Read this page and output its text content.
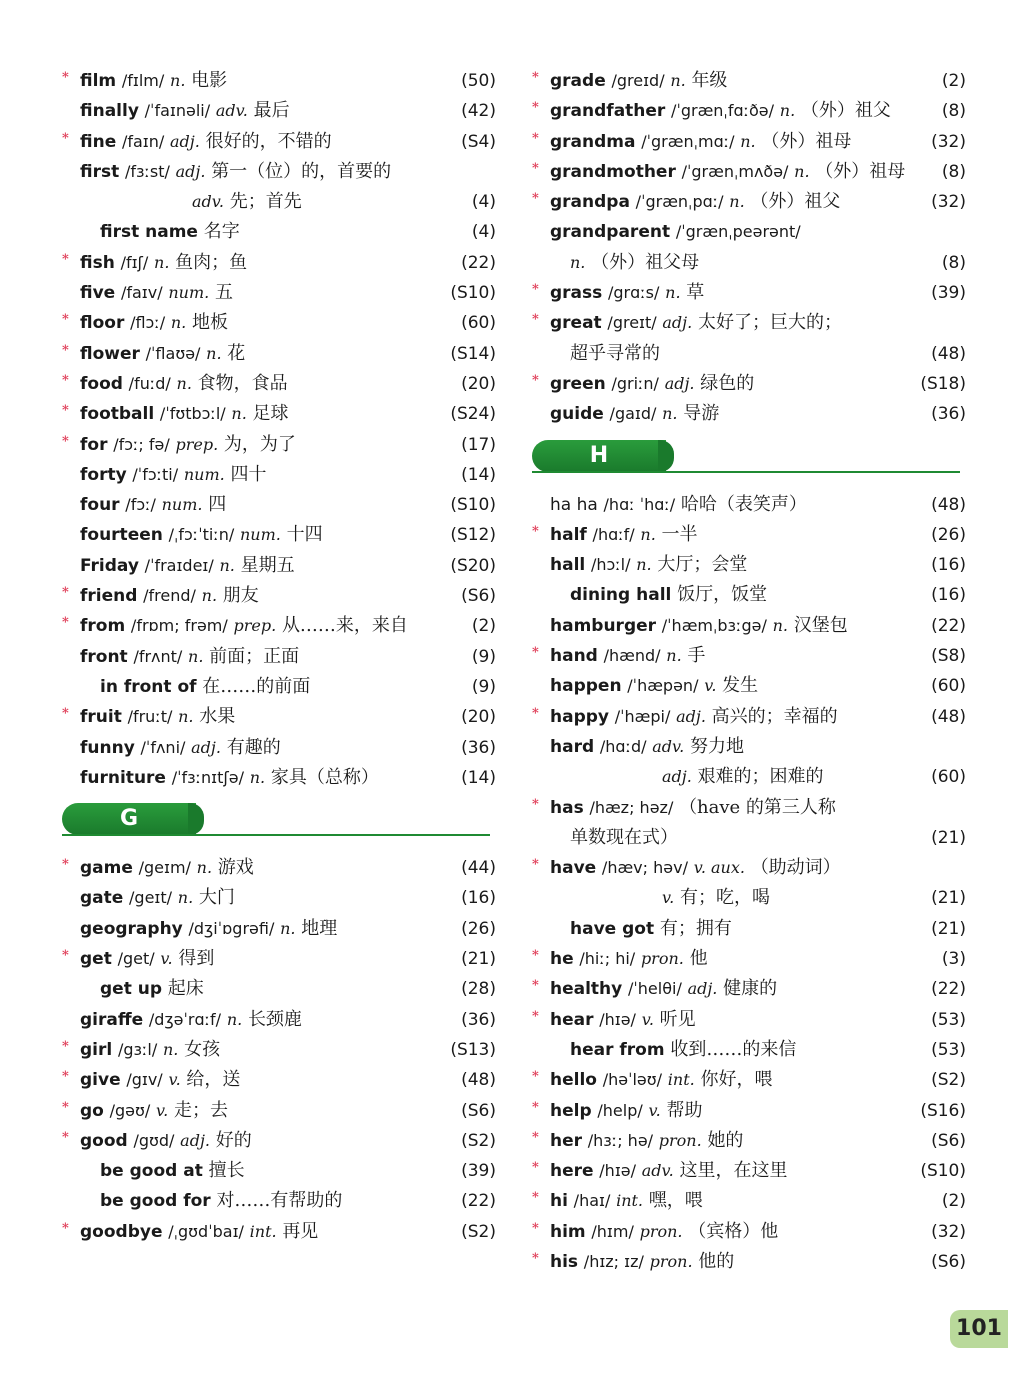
* film /fɪlm/ n. 电影	(50)
finally /ˈfaɪnəli/ adv. 最后	(42)
* fine /faɪn/ adj. 很好的，不错的	(S4)
first /fɜːst/ adj. 第一（位）的，首要的
adv. 先；首先	(4)
first name 名字	(4)
* fish /fɪʃ/ n. 鱼肉；鱼	(22)
five /faɪv/ num. 五	(S10)
* floor /flɔː/ n. 地板	(60)
* flower /ˈflaʊə/ n. 花	(S14)
* food /fuːd/ n. 食物，食品	(20)
* football /ˈfʊtbɔːl/ n. 足球	(S24)
* for /fɔː; fə/ prep. 为，为了	(17)
forty /ˈfɔːti/ num. 四十	(14)
four /fɔː/ num. 四	(S10)
fourteen /ˌfɔːˈtiːn/ num. 十四	(S12)
Friday /ˈfraɪdeɪ/ n. 星期五	(S20)
* friend /frend/ n. 朋友	(S6)
* from /frɒm; frəm/ prep. 从……来，来自	(2)
front /frʌnt/ n. 前面；正面	(9)
in front of 在……的前面	(9)
* fruit /fruːt/ n. 水果	(20)
funny /ˈfʌni/ adj. 有趣的	(36)
furniture /ˈfɜːnɪtʃə/ n. 家具（总称）	(14)
G
* game /geɪm/ n. 游戏	(44)
gate /geɪt/ n. 大门	(16)
geography /dʒiˈɒgrəfi/ n. 地理	(26)
* get /get/ v. 得到	(21)
get up 起床	(28)
giraffe /dʒəˈrɑːf/ n. 长颈鹿	(36)
* girl /gɜːl/ n. 女孩	(S13)
* give /gɪv/ v. 给，送	(48)
* go /gəʊ/ v. 走；去	(S6)
* good /gʊd/ adj. 好的	(S2)
be good at 擅长	(39)
be good for 对……有帮助的	(22)
* goodbye /ˌgʊdˈbaɪ/ int. 再见	(S2)
* grade /greɪd/ n. 年级	(2)
* grandfather /ˈgrænˌfɑːðə/ n. （外）祖父	(8)
* grandma /ˈgrænˌmɑː/ n. （外）祖母	(32)
* grandmother /ˈgrænˌmʌðə/ n. （外）祖母 (8)
* grandpa /ˈgrænˌpɑː/ n. （外）祖父	(32)
grandparent /ˈgrænˌpeərənt/
n. （外）祖父母	(8)
* grass /grɑːs/ n. 草	(39)
* great /greɪt/ adj. 太好了；巨大的；
超乎寻常的	(48)
* green /griːn/ adj. 绿色的	(S18)
guide /gaɪd/ n. 导游	(36)
H
ha ha /hɑː ˈhɑː/ 哈哈（表笑声）	(48)
* half /hɑːf/ n. 一半	(26)
hall /hɔːl/ n. 大厅；会堂	(16)
dining hall 饭厅，饭堂	(16)
hamburger /ˈhæmˌbɜːgə/ n. 汉堡包	(22)
* hand /hænd/ n. 手	(S8)
happen /ˈhæpən/ v. 发生	(60)
* happy /ˈhæpi/ adj. 高兴的；幸福的	(48)
hard /hɑːd/ adv. 努力地
adj. 艰难的；困难的	(60)
* has /hæz; həz/ （have 的第三人称
单数现在式）	(21)
* have /hæv; həv/ v. aux. （助动词）
v. 有；吃，喝	(21)
have got 有；拥有	(21)
* he /hiː; hi/ pron. 他	(3)
* healthy /ˈhelθi/ adj. 健康的	(22)
* hear /hɪə/ v. 听见	(53)
hear from 收到……的来信	(53)
* hello /həˈləʊ/ int. 你好，喂	(S2)
* help /help/ v. 帮助	(S16)
* her /hɜː; hə/ pron. 她的	(S6)
* here /hɪə/ adv. 这里，在这里	(S10)
* hi /haɪ/ int. 嘿，喂	(2)
* him /hɪm/ pron. （宾格）他	(32)
* his /hɪz; ɪz/ pron. 他的	(S6)
101
